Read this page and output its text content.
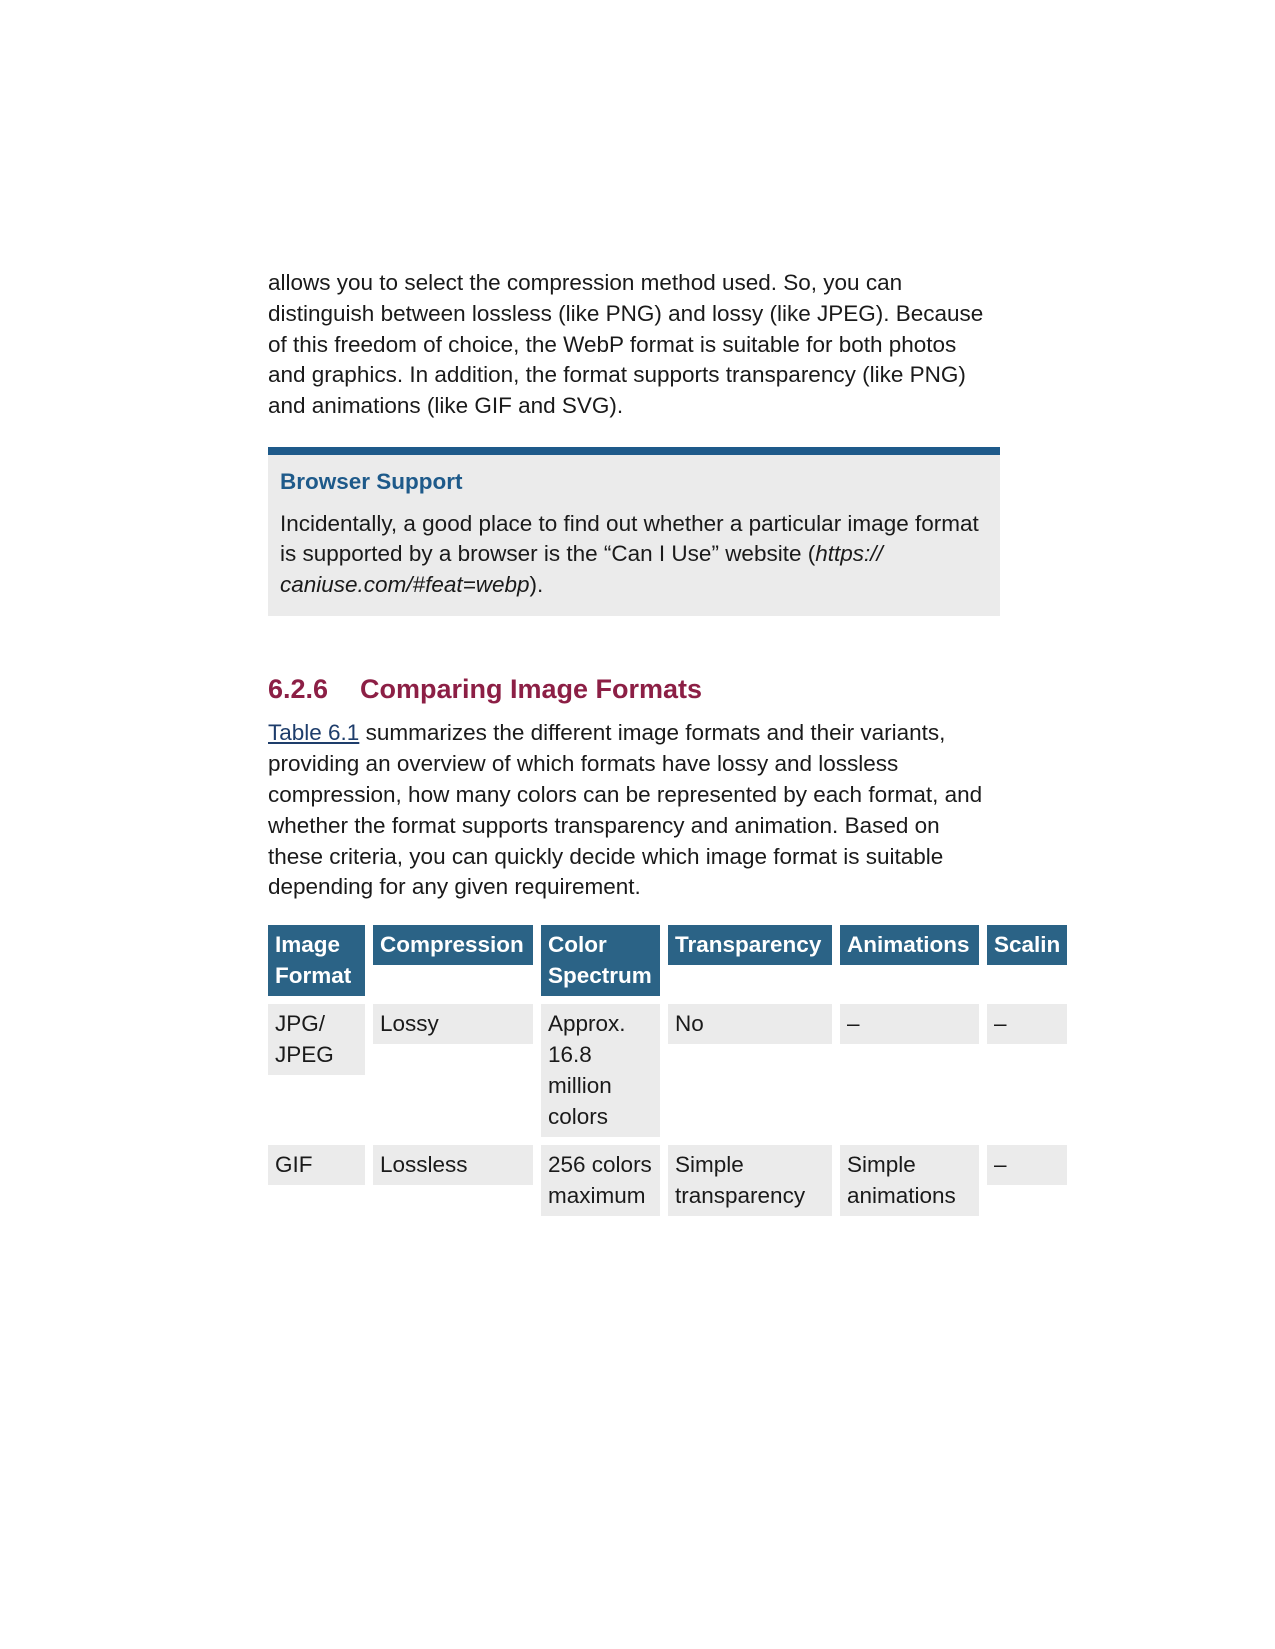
allows you to select the compression method used. So, you can distinguish between lossless (like PNG) and lossy (like JPEG). Because of this freedom of choice, the WebP format is suitable for both photos and graphics. In addition, the format supports transparency (like PNG) and animations (like GIF and SVG).

Browser Support

Incidentally, a good place to find out whether a particular image format is supported by a browser is the “Can I Use” website (https:// caniuse.com/#feat=webp).

6.2.6	Comparing Image Formats

Table 6.1 summarizes the different image formats and their variants, providing an overview of which formats have lossy and lossless compression, how many colors can be represented by each format, and whether the format supports transparency and animation. Based on these criteria, you can quickly decide which image format is suitable depending for any given requirement.

Image Format	Compression	Color Spectrum	Transparency	Animations	Scalin
JPG/ JPEG	Lossy	Approx. 16.8 million colors	No	–	–
GIF	Lossless	256 colors maximum	Simple transparency	Simple animations	–
